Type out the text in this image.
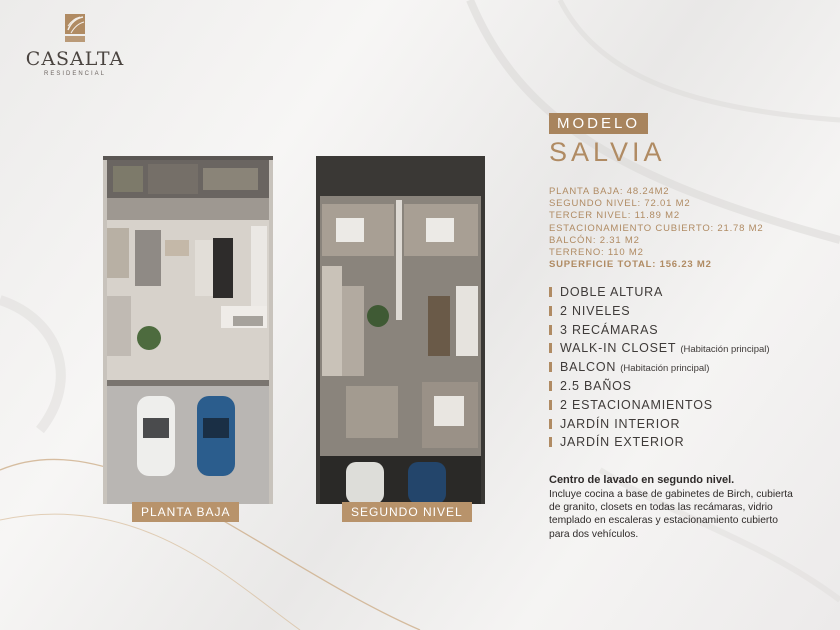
CASALTA
RESIDENCIAL
PLANTA BAJA	SEGUNDO NIVEL
MODELO
SALVIA
PLANTA BAJA: 48.24M2
SEGUNDO NIVEL: 72.01 M2
TERCER NIVEL: 11.89 M2
ESTACIONAMIENTO CUBIERTO: 21.78 M2
BALCÓN: 2.31 M2
TERRENO: 110 M2
SUPERFICIE TOTAL: 156.23 M2
DOBLE ALTURA
2 NIVELES
3 RECÁMARAS
WALK-IN CLOSET (Habitación principal)
BALCON (Habitación principal)
2.5 BAÑOS
2 ESTACIONAMIENTOS
JARDÍN INTERIOR
JARDÍN EXTERIOR
Centro de lavado en segundo nivel.
Incluye cocina a base de gabinetes de Birch, cubierta de granito, closets en todas las recámaras, vidrio templado en escaleras y estacionamiento cubierto para dos vehículos.
